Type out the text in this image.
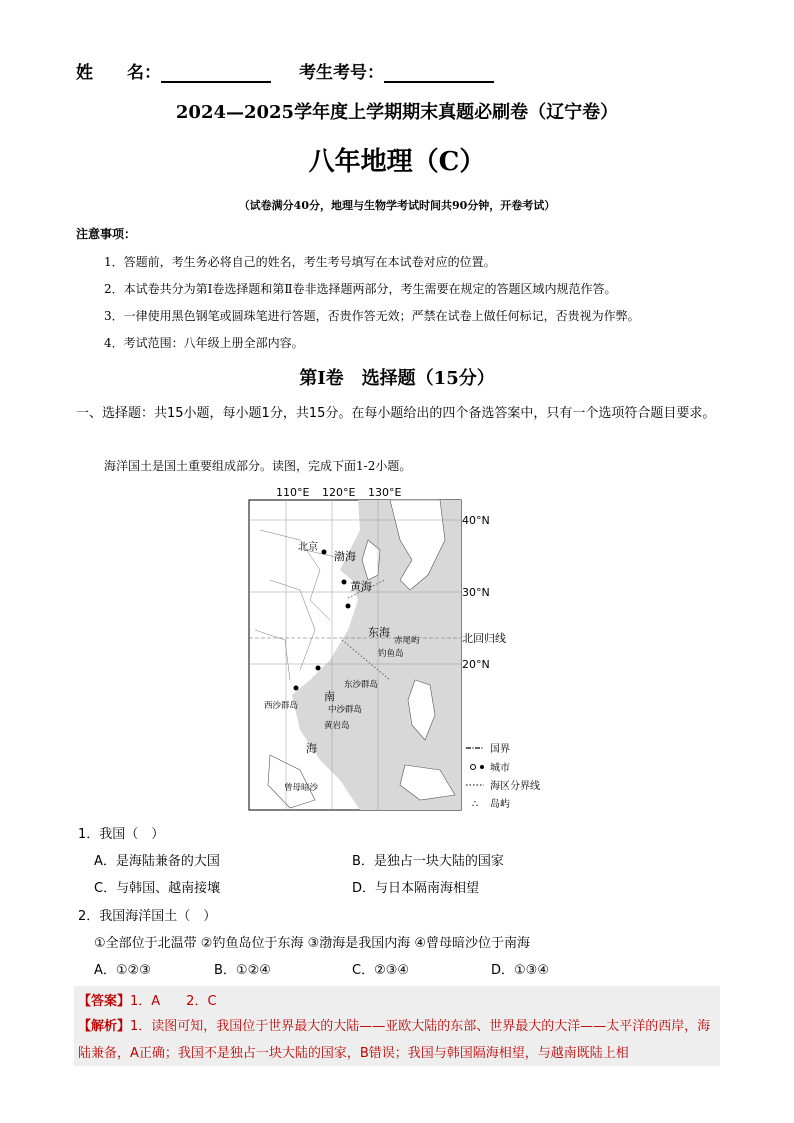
姓　　名：	考生考号：
2024—2025学年度上学期期末真题必刷卷（辽宁卷）
八年地理（C）
（试卷满分40分，地理与生物学考试时间共90分钟，开卷考试）
注意事项：
1．答题前，考生务必将自己的姓名，考生考号填写在本试卷对应的位置。
2．本试卷共分为第Ⅰ卷选择题和第Ⅱ卷非选择题两部分，考生需要在规定的答题区域内规范作答。
3．一律使用黑色钢笔或圆珠笔进行答题，否贵作答无效；严禁在试卷上做任何标记，否贵视为作弊。
4．考试范围：八年级上册全部内容。
第Ⅰ卷　选择题（15分）
一、选择题：共15小题，每小题1分，共15分。在每小题给出的四个备选答案中，只有一个选项符合题目要求。
海洋国土是国土重要组成部分。读图，完成下面1-2小题。
110°E 120°E 130°E
40°N
30°N
北回归线
20°N
北京
渤海
黄海
东海
赤尾屿
钓鱼岛
东沙群岛
南
西沙群岛	中沙群岛
黄岩岛
海
曾母暗沙
国界
城市
海区分界线
∴ 岛屿
1．我国（　）
A．是海陆兼备的大国	B．是独占一块大陆的国家
C．与韩国、越南接壤	D．与日本隔南海相望
2．我国海洋国土（　）
①全部位于北温带 ②钓鱼岛位于东海 ③渤海是我国内海 ④曾母暗沙位于南海
A．①②③	B．①②④	C．②③④	D．①③④
【答案】1．A　　2．C
【解析】1．读图可知，我国位于世界最大的大陆——亚欧大陆的东部、世界最大的大洋——太平洋的西岸，海陆兼备，A正确；我国不是独占一块大陆的国家，B错误；我国与韩国隔海相望，与越南既陆上相
